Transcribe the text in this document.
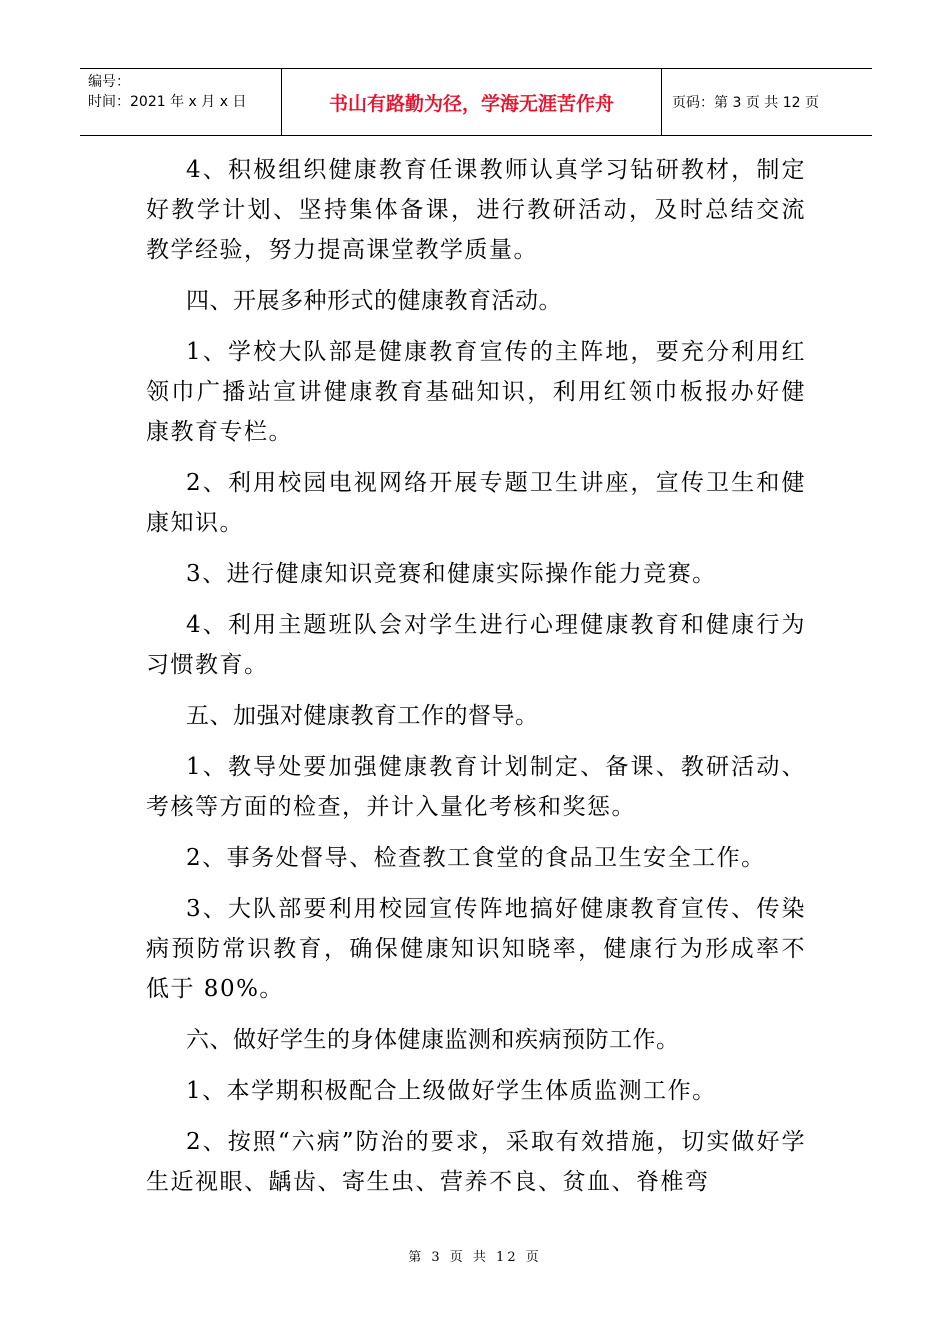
编号：
时间：2021 年 x 月 x 日	书山有路勤为径，学海无涯苦作舟	页码：第 3 页 共 12 页

4、积极组织健康教育任课教师认真学习钻研教材，制定好教学计划、坚持集体备课，进行教研活动，及时总结交流教学经验，努力提高课堂教学质量。

四、开展多种形式的健康教育活动。

1、学校大队部是健康教育宣传的主阵地，要充分利用红领巾广播站宣讲健康教育基础知识，利用红领巾板报办好健康教育专栏。

2、利用校园电视网络开展专题卫生讲座，宣传卫生和健康知识。

3、进行健康知识竞赛和健康实际操作能力竞赛。

4、利用主题班队会对学生进行心理健康教育和健康行为习惯教育。

五、加强对健康教育工作的督导。

1、教导处要加强健康教育计划制定、备课、教研活动、考核等方面的检查，并计入量化考核和奖惩。

2、事务处督导、检查教工食堂的食品卫生安全工作。

3、大队部要利用校园宣传阵地搞好健康教育宣传、传染病预防常识教育，确保健康知识知晓率，健康行为形成率不低于 80%。

六、做好学生的身体健康监测和疾病预防工作。

1、本学期积极配合上级做好学生体质监测工作。

2、按照“六病”防治的要求，采取有效措施，切实做好学生近视眼、龋齿、寄生虫、营养不良、贫血、脊椎弯

第 3 页 共 12 页
